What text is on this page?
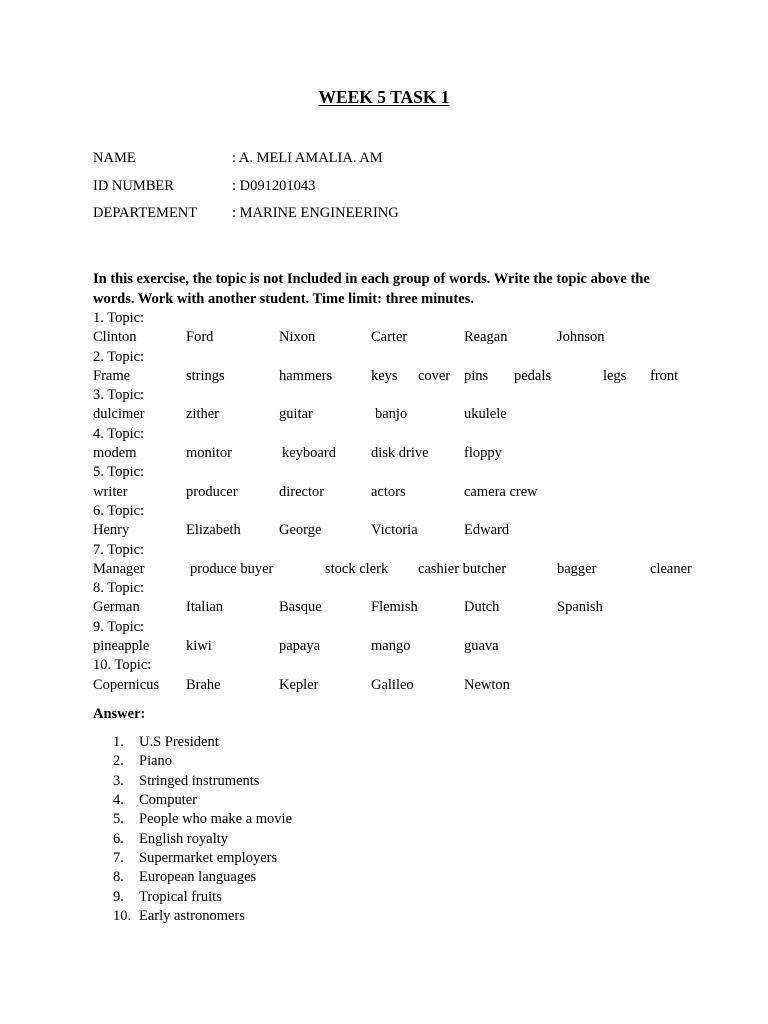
WEEK 5 TASK 1
NAME	: A. MELI AMALIA. AM
ID NUMBER	: D091201043
DEPARTEMENT : MARINE ENGINEERING
In this exercise, the topic is not Included in each group of words. Write the topic above the words. Work with another student. Time limit: three minutes.
1. Topic:
Clinton	Ford	Nixon	Carter	Reagan	Johnson
2. Topic:
Frame	strings	hammers	keys cover pins pedals	legs front
3. Topic:
dulcimer	zither	guitar	banjo	ukulele
4. Topic:
modem	monitor	keyboard disk drive floppy
5. Topic:
writer	producer	director	actors	camera crew
6. Topic:
Henry	Elizabeth	George	Victoria	Edward
7. Topic:
Manager	produce buyer	stock clerk cashier butcher	bagger	cleaner
8. Topic:
German	Italian	Basque	Flemish	Dutch	Spanish
9. Topic:
pineapple	kiwi	papaya	mango	guava
10. Topic:
Copernicus Brahe	Kepler	Galileo	Newton
Answer:
1.	U.S President
2.	Piano
3.	Stringed instruments
4.	Computer
5.	People who make a movie
6.	English royalty
7.	Supermarket employers
8.	European languages
9.	Tropical fruits
10. Early astronomers
